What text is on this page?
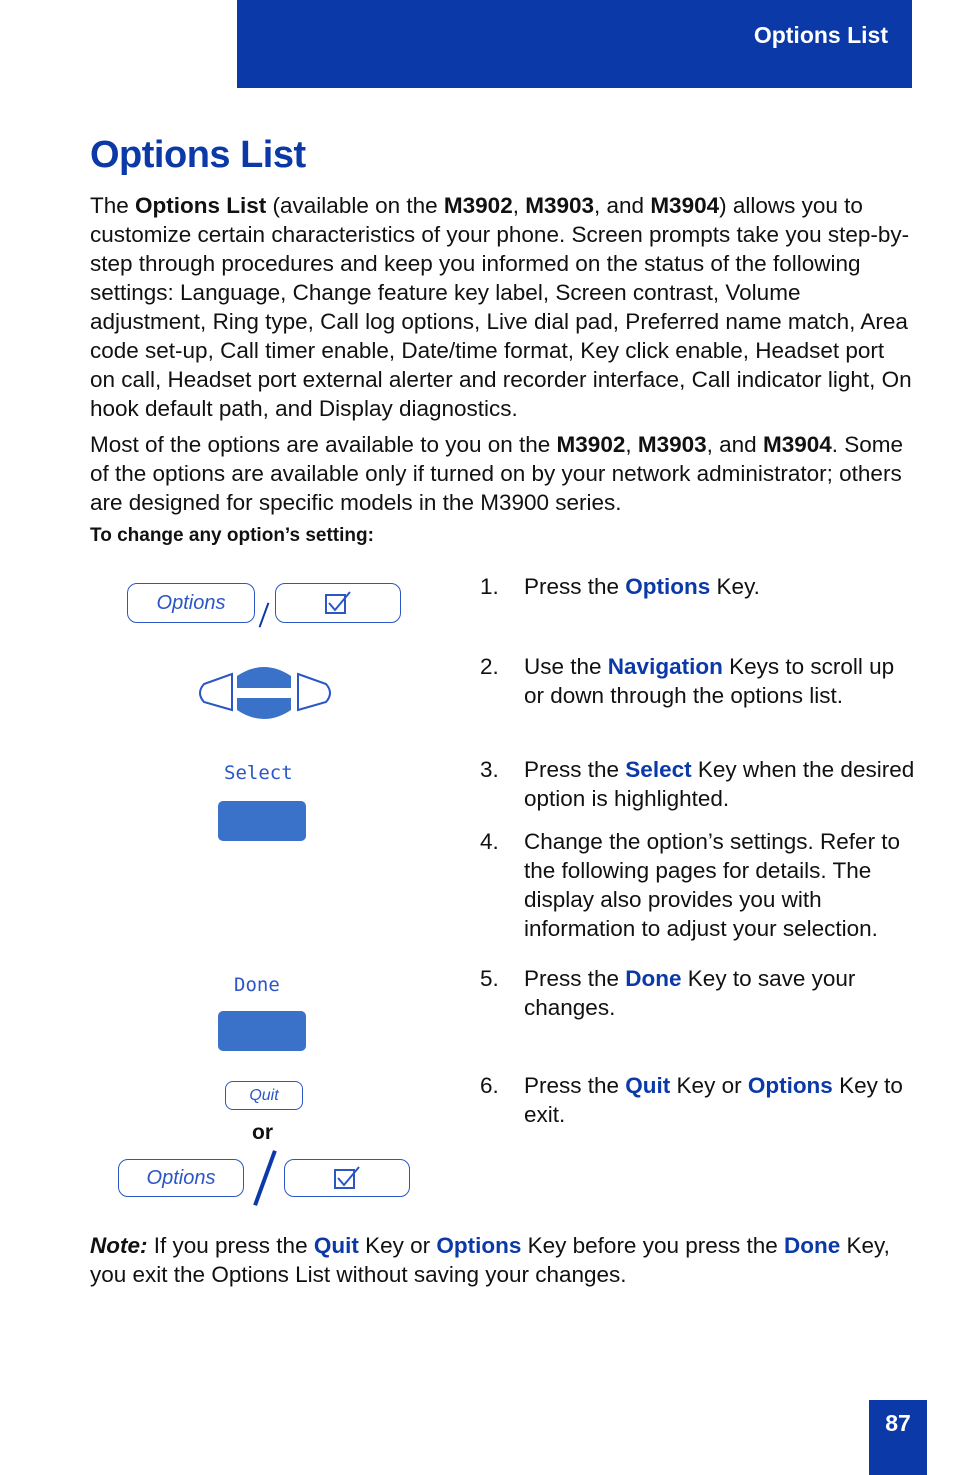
Options List
Options List

The Options List (available on the M3902, M3903, and M3904) allows you to customize certain characteristics of your phone. Screen prompts take you step-by-step through procedures and keep you informed on the status of the following settings: Language, Change feature key label, Screen contrast, Volume adjustment, Ring type, Call log options, Live dial pad, Preferred name match, Area code set-up, Call timer enable, Date/time format, Key click enable, Headset port on call, Headset port external alerter and recorder interface, Call indicator light, On hook default path, and Display diagnostics.

Most of the options are available to you on the M3902, M3903, and M3904. Some of the options are available only if turned on by your network administrator; others are designed for specific models in the M3900 series.

To change any option’s setting:

Options
Select
Done
Quit
or
Options
1. Press the Options Key.
2. Use the Navigation Keys to scroll up or down through the options list.
3. Press the Select Key when the desired option is highlighted.
4. Change the option’s settings. Refer to the following pages for details. The display also provides you with information to adjust your selection.
5. Press the Done Key to save your changes.
6. Press the Quit Key or Options Key to exit.
Note: If you press the Quit Key or Options Key before you press the Done Key, you exit the Options List without saving your changes.
87
